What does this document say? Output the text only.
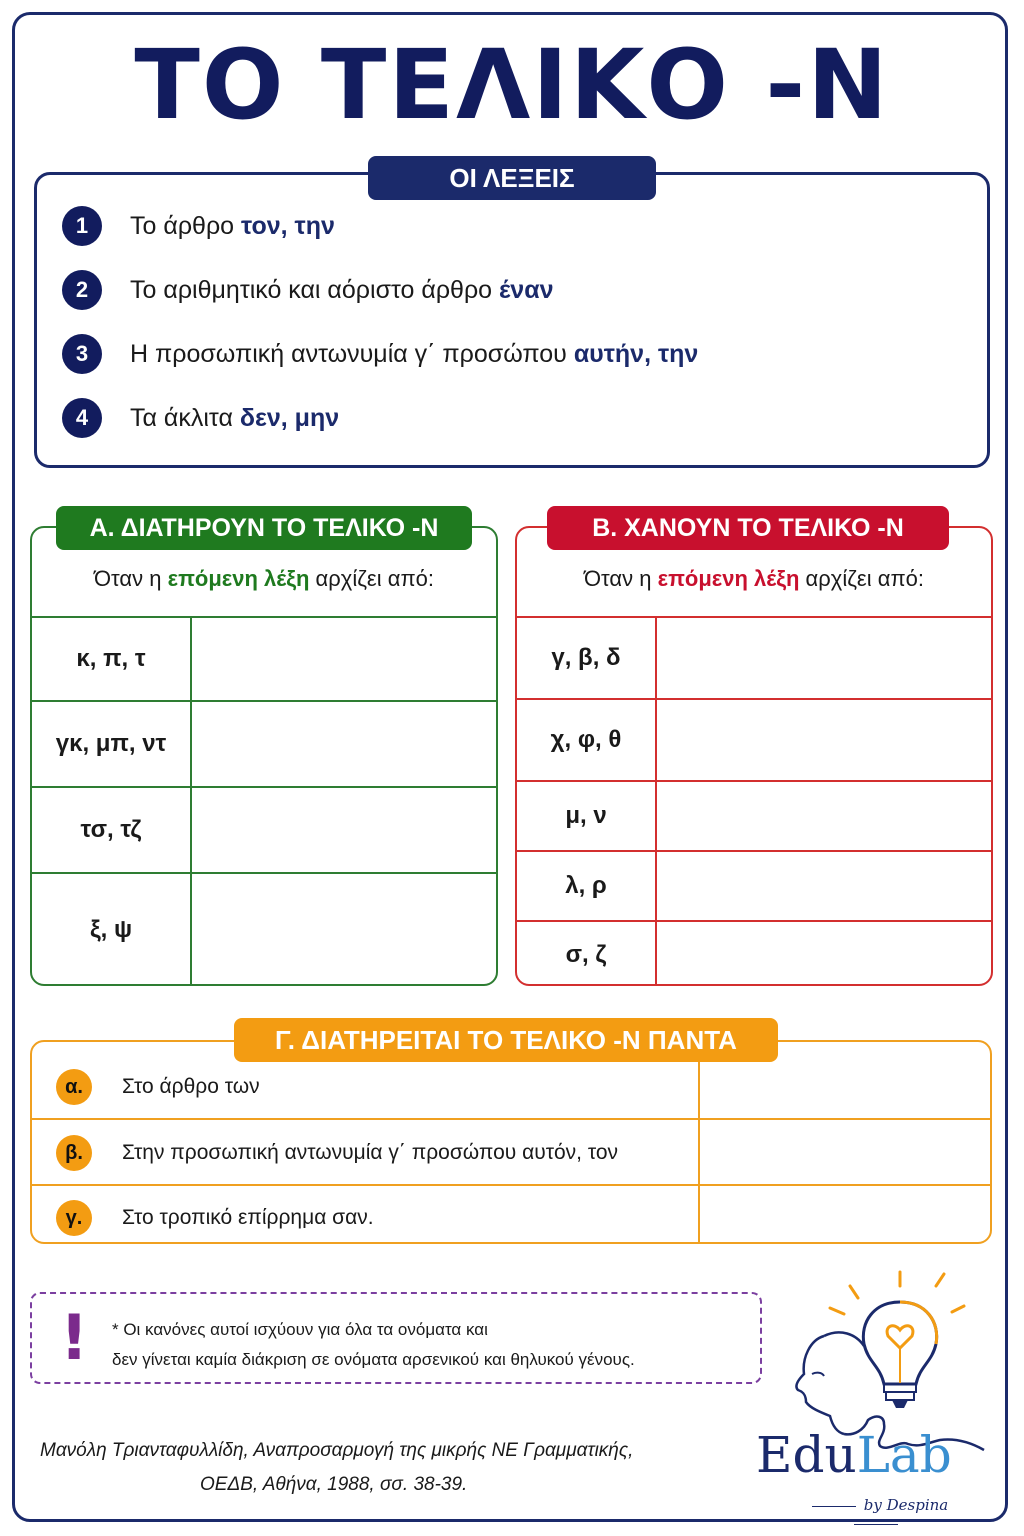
ΤΟ ΤΕΛΙΚΟ -Ν
ΟΙ ΛΕΞΕΙΣ
1	Το άρθρο τον, την
2	Το αριθμητικό και αόριστο άρθρο έναν
3	Η προσωπική αντωνυμία γ΄ προσώπου αυτήν, την
4	Τα άκλιτα δεν, μην
Όταν η επόμενη λέξη αρχίζει από:
κ, π, τ
γκ, μπ, ντ
τσ, τζ
ξ, ψ
Α. ΔΙΑΤΗΡΟΥΝ ΤΟ ΤΕΛΙΚΟ -Ν
Όταν η επόμενη λέξη αρχίζει από:
γ, β, δ
χ, φ, θ
μ, ν
λ, ρ
σ, ζ
Β. ΧΑΝΟΥΝ ΤΟ ΤΕΛΙΚΟ -Ν
α.	Στο άρθρο των
β.	Στην προσωπική αντωνυμία γ΄ προσώπου αυτόν, τον
γ.	Στο τροπικό επίρρημα σαν.
Γ. ΔΙΑΤΗΡΕΙΤΑΙ ΤΟ ΤΕΛΙΚΟ -Ν ΠΑΝΤΑ
! * Οι κανόνες αυτοί ισχύουν για όλα τα ονόματα και
δεν γίνεται καμία διάκριση σε ονόματα αρσενικού και θηλυκού γένους.
Μανόλη Τριανταφυλλίδη, Αναπροσαρμογή της μικρής ΝΕ Γραμματικής,
ΟΕΔΒ, Αθήνα, 1988, σσ. 38-39.
EduLab
by Despina
